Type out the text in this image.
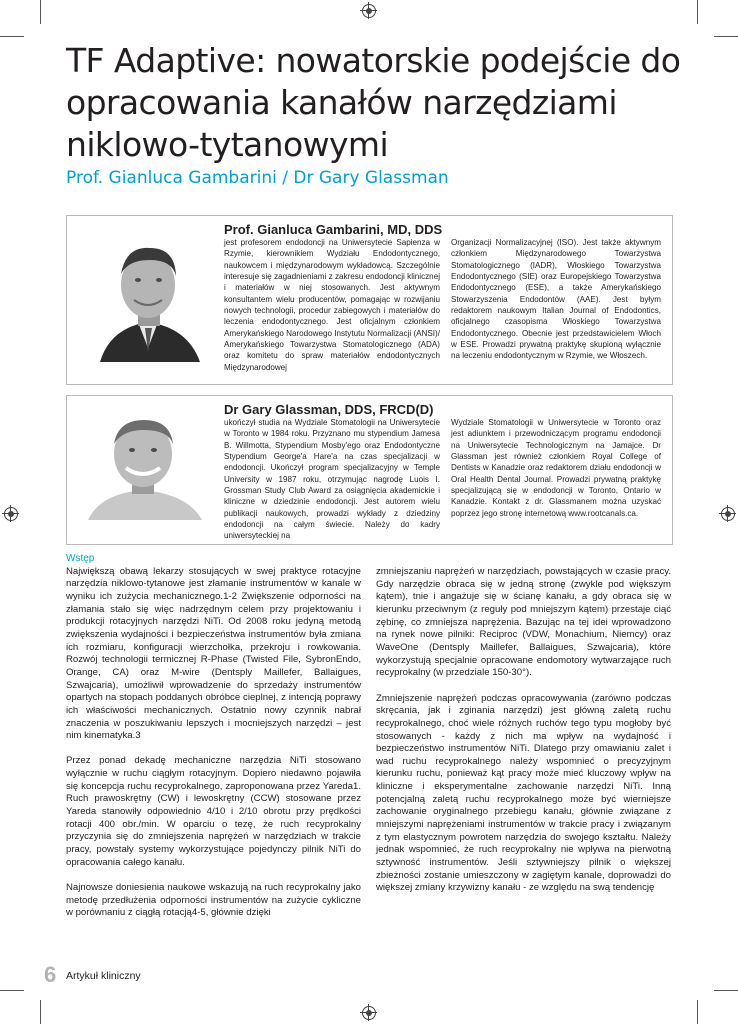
TF Adaptive: nowatorskie podejście do opracowania kanałów narzędziami niklowo-tytanowymi
Prof. Gianluca Gambarini / Dr Gary Glassman
Prof. Gianluca Gambarini, MD, DDS

jest profesorem endodoncji na Uniwersytecie Sapienza w Rzymie, kierownikiem Wydziału Endodontycznego, naukowcem i międzynarodowym wykładowcą. Szczególnie interesuje się zagadnieniami z zakresu endodoncji klinicznej i materiałów w niej stosowanych. Jest aktywnym konsultantem wielu producentów, pomagając w rozwijaniu nowych technologii, procedur zabiegowych i materiałów do leczenia endodontycznego. Jest oficjalnym członkiem Amerykańskiego Narodowego Instytutu Normalizacji (ANSI)/ Amerykańskiego Towarzystwa Stomatologicznego (ADA) oraz komitetu do spraw materiałów endodontycznych Międzynarodowej

Organizacji Normalizacyjnej (ISO). Jest także aktywnym członkiem Międzynarodowego Towarzystwa Stomatologicznego (IADR), Włoskiego Towarzystwa Endodontycznego (SIE) oraz Europejskiego Towarzystwa Endodontycznego (ESE), a także Amerykańskiego Stowarzyszenia Endodontów (AAE). Jest byłym redaktorem naukowym Italian Journal of Endodontics, oficjalnego czasopisma Włoskiego Towarzystwa Endodontycznego. Obecnie jest przedstawicielem Włoch w ESE. Prowadzi prywatną praktykę skupioną wyłącznie na leczeniu endodontycznym w Rzymie, we Włoszech.

Dr Gary Glassman, DDS, FRCD(D)

ukończył studia na Wydziale Stomatologii na Uniwersytecie w Toronto w 1984 roku. Przyznano mu stypendium Jamesa B. Willmotta, Stypendium Mosby'ego oraz Endodontyczne Stypendium George'a Hare'a na czas specjalizacji w endodoncji. Ukończył program specjalizacyjny w Temple University w 1987 roku, otrzymując nagrodę Luois I. Grossman Study Club Award za osiągnięcia akademickie i kliniczne w dziedzinie endodoncji. Jest autorem wielu publikacji naukowych, prowadzi wykłady z dziedziny endodoncji na całym świecie. Należy do kadry uniwersyteckiej na

Wydziale Stomatologii w Uniwersytecie w Toronto oraz jest adiunktem i przewodniczącym programu endodoncji na Uniwersytecie Technologicznym na Jamajce. Dr Glassman jest również członkiem Royal College of Dentists w Kanadzie oraz redaktorem działu endodoncji w Oral Health Dental Journal. Prowadzi prywatną praktykę specjalizującą się w endodoncji w Toronto, Ontario w Kanadzie. Kontakt z dr. Glassmanem można uzyskać poprzez jego stronę internetową www.rootcanals.ca.

Wstęp

Największą obawą lekarzy stosujących w swej praktyce rotacyjne narzędzia niklowo-tytanowe jest złamanie instrumentów w kanale w wyniku ich zużycia mechanicznego.1-2 Zwiększenie odporności na złamania stało się więc nadrzędnym celem przy projektowaniu i produkcji rotacyjnych narzędzi NiTi. Od 2008 roku jedyną metodą zwiększenia wydajności i bezpieczeństwa instrumentów była zmiana ich rozmiaru, konfiguracji wierzchołka, przekroju i rowkowania. Rozwój technologii termicznej R-Phase (Twisted File, SybronEndo, Orange, CA) oraz M-wire (Dentsply Maillefer, Ballaigues, Szwajcaria), umożliwił wprowadzenie do sprzedaży instrumentów opartych na stopach poddanych obróbce cieplnej, z intencją poprawy ich właściwości mechanicznych. Ostatnio nowy czynnik nabrał znaczenia w poszukiwaniu lepszych i mocniejszych narzędzi – jest nim kinematyka.3

Przez ponad dekadę mechaniczne narzędzia NiTi stosowano wyłącznie w ruchu ciągłym rotacyjnym. Dopiero niedawno pojawiła się koncepcja ruchu recyprokalnego, zaproponowana przez Yareda1. Ruch prawoskrętny (CW) i lewoskrętny (CCW) stosowane przez Yareda stanowiły odpowiednio 4/10 i 2/10 obrotu przy prędkości rotacji 400 obr./min. W oparciu o tezę, że ruch recyprokalny przyczynia się do zmniejszenia naprężeń w narzędziach w trakcie pracy, powstały systemy wykorzystujące pojedynczy pilnik NiTi do opracowania całego kanału.

Najnowsze doniesienia naukowe wskazują na ruch recyprokalny jako metodę przedłużenia odporności instrumentów na zużycie cykliczne w porównaniu z ciągłą rotacją4-5, głównie dzięki

zmniejszaniu naprężeń w narzędziach, powstających w czasie pracy. Gdy narzędzie obraca się w jedną stronę (zwykle pod większym kątem), tnie i angażuje się w ścianę kanału, a gdy obraca się w kierunku przeciwnym (z reguły pod mniejszym kątem) przestaje ciąć zębinę, co zmniejsza naprężenia. Bazując na tej idei wprowadzono na rynek nowe pilniki: Reciproc (VDW, Monachium, Niemcy) oraz WaveOne (Dentsply Maillefer, Ballaigues, Szwajcaria), które wykorzystują specjalnie opracowane endomotory wytwarzające ruch recyprokalny (w przedziale 150-30°).

Zmniejszenie naprężeń podczas opracowywania (zarówno podczas skręcania, jak i zginania narzędzi) jest główną zaletą ruchu recyprokalnego, choć wiele różnych ruchów tego typu mogłoby być stosowanych - każdy z nich ma wpływ na wydajność i bezpieczeństwo instrumentów NiTi. Dlatego przy omawianiu zalet i wad ruchu recyprokalnego należy wspomnieć o precyzyjnym kierunku ruchu, ponieważ kąt pracy może mieć kluczowy wpływ na kliniczne i eksperymentalne zachowanie narzędzi NiTi. Inną potencjalną zaletą ruchu recyprokalnego może być wierniejsze zachowanie oryginalnego przebiegu kanału, głównie związane z mniejszymi naprężeniami instrumentów w trakcie pracy i związanym z tym elastycznym powrotem narzędzia do swojego kształtu. Należy jednak wspomnieć, że ruch recyprokalny nie wpływa na pierwotną sztywność instrumentów. Jeśli sztywniejszy pilnik o większej zbieżności zostanie umieszczony w zagiętym kanale, doprowadzi do większej zmiany krzywizny kanału - ze względu na swą tendencję

6 Artykuł kliniczny
